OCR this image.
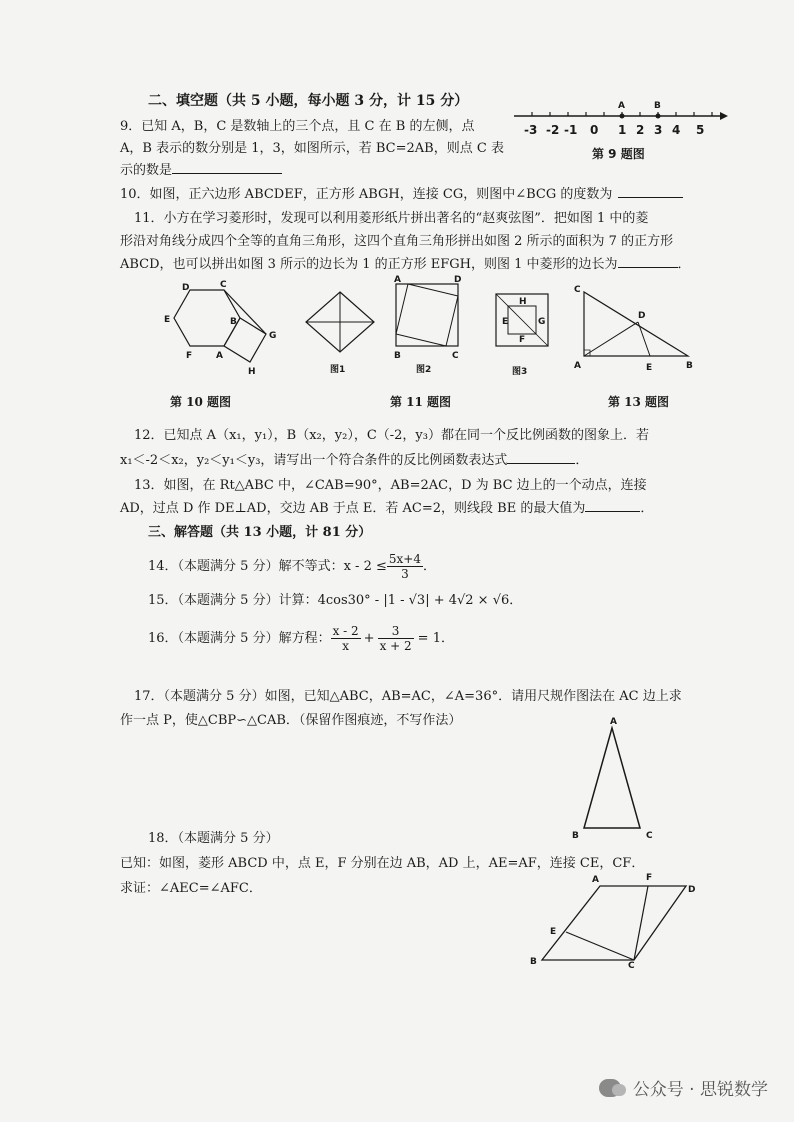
二、填空题（共 5 小题，每小题 3 分，计 15 分）
9．已知 A，B，C 是数轴上的三个点，且 C 在 B 的左侧，点
A，B 表示的数分别是 1，3，如图所示，若 BC=2AB，则点 C 表
示的数是
A	B
-3 -2 -1 0 1 2 3 4 5
第 9 题图
10．如图，正六边形 ABCDEF，正方形 ABGH，连接 CG，则图中∠BCG 的度数为
11．小方在学习菱形时，发现可以利用菱形纸片拼出著名的“赵爽弦图”．把如图 1 中的菱
形沿对角线分成四个全等的直角三角形，这四个直角三角形拼出如图 2 所示的面积为 7 的正方形
ABCD，也可以拼出如图 3 所示的边长为 1 的正方形 EFGH，则图 1 中菱形的边长为	．
D	C
E	B
F	A
G
H
第 10 题图
图1
A	D
B	C
图2
H
E	G
F
图3
第 11 题图
C
D
A	E	B
第 13 题图
12．已知点 A（x₁，y₁），B（x₂，y₂），C（-2，y₃）都在同一个反比例函数的图象上．若
x₁＜-2＜x₂，y₂＜y₁＜y₃，请写出一个符合条件的反比例函数表达式	．
13．如图，在 Rt△ABC 中，∠CAB=90°，AB=2AC，D 为 BC 边上的一个动点，连接
AD，过点 D 作 DE⊥AD，交边 AB 于点 E．若 AC=2，则线段 BE 的最大值为	．
三、解答题（共 13 小题，计 81 分）
14．（本题满分 5 分）解不等式：$x - 2 \le \frac{5x+4}{3}$ ．
15．（本题满分 5 分）计算：4cos30° - |1 - √3| + 4√2 × √6．
16．（本题满分 5 分）解方程： $\frac{x - 2}{x} + \frac{3}{x + 2} = 1$．
17．（本题满分 5 分）如图，已知△ABC，AB=AC，∠A=36°．请用尺规作图法在 AC 边上求
作一点 P，使△CBP∽△CAB．（保留作图痕迹，不写作法）	A
B	C
18．（本题满分 5 分）
已知：如图，菱形 ABCD 中，点 E，F 分别在边 AB，AD 上，AE=AF，连接 CE，CF．
求证：∠AEC=∠AFC．
A	F
D
E
B	C
公众号 · 思锐数学
